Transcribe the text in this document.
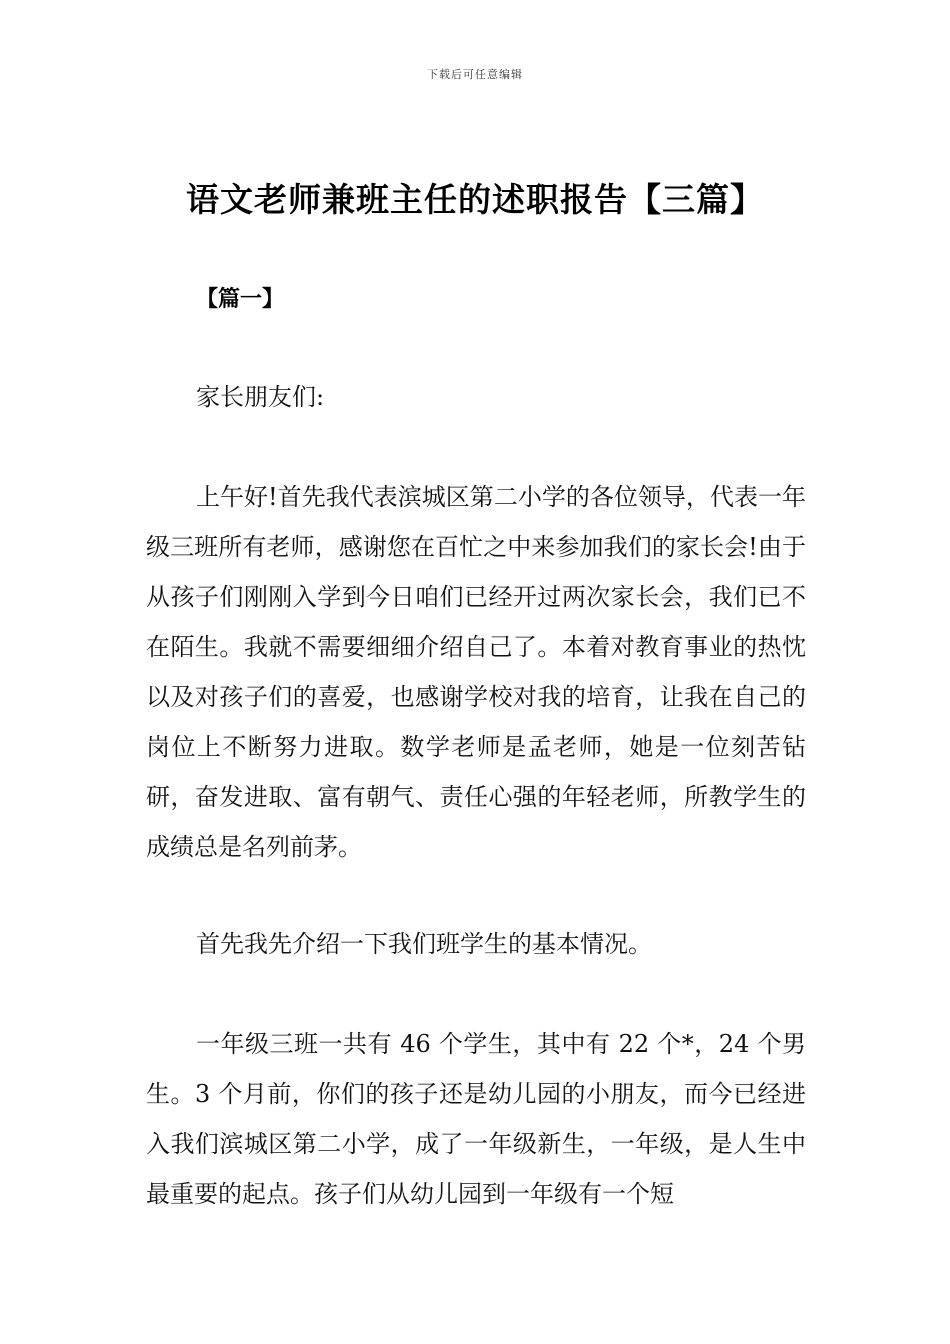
下载后可任意编辑
语文老师兼班主任的述职报告【三篇】
【篇一】

家长朋友们:

上午好!首先我代表滨城区第二小学的各位领导，代表一年级三班所有老师，感谢您在百忙之中来参加我们的家长会!由于从孩子们刚刚入学到今日咱们已经开过两次家长会，我们已不在陌生。我就不需要细细介绍自己了。本着对教育事业的热忱以及对孩子们的喜爱，也感谢学校对我的培育，让我在自己的岗位上不断努力进取。数学老师是孟老师，她是一位刻苦钻研，奋发进取、富有朝气、责任心强的年轻老师，所教学生的成绩总是名列前茅。

首先我先介绍一下我们班学生的基本情况。

一年级三班一共有 46 个学生，其中有 22 个*，24 个男生。3 个月前，你们的孩子还是幼儿园的小朋友，而今已经进入我们滨城区第二小学，成了一年级新生，一年级，是人生中最重要的起点。孩子们从幼儿园到一年级有一个短
